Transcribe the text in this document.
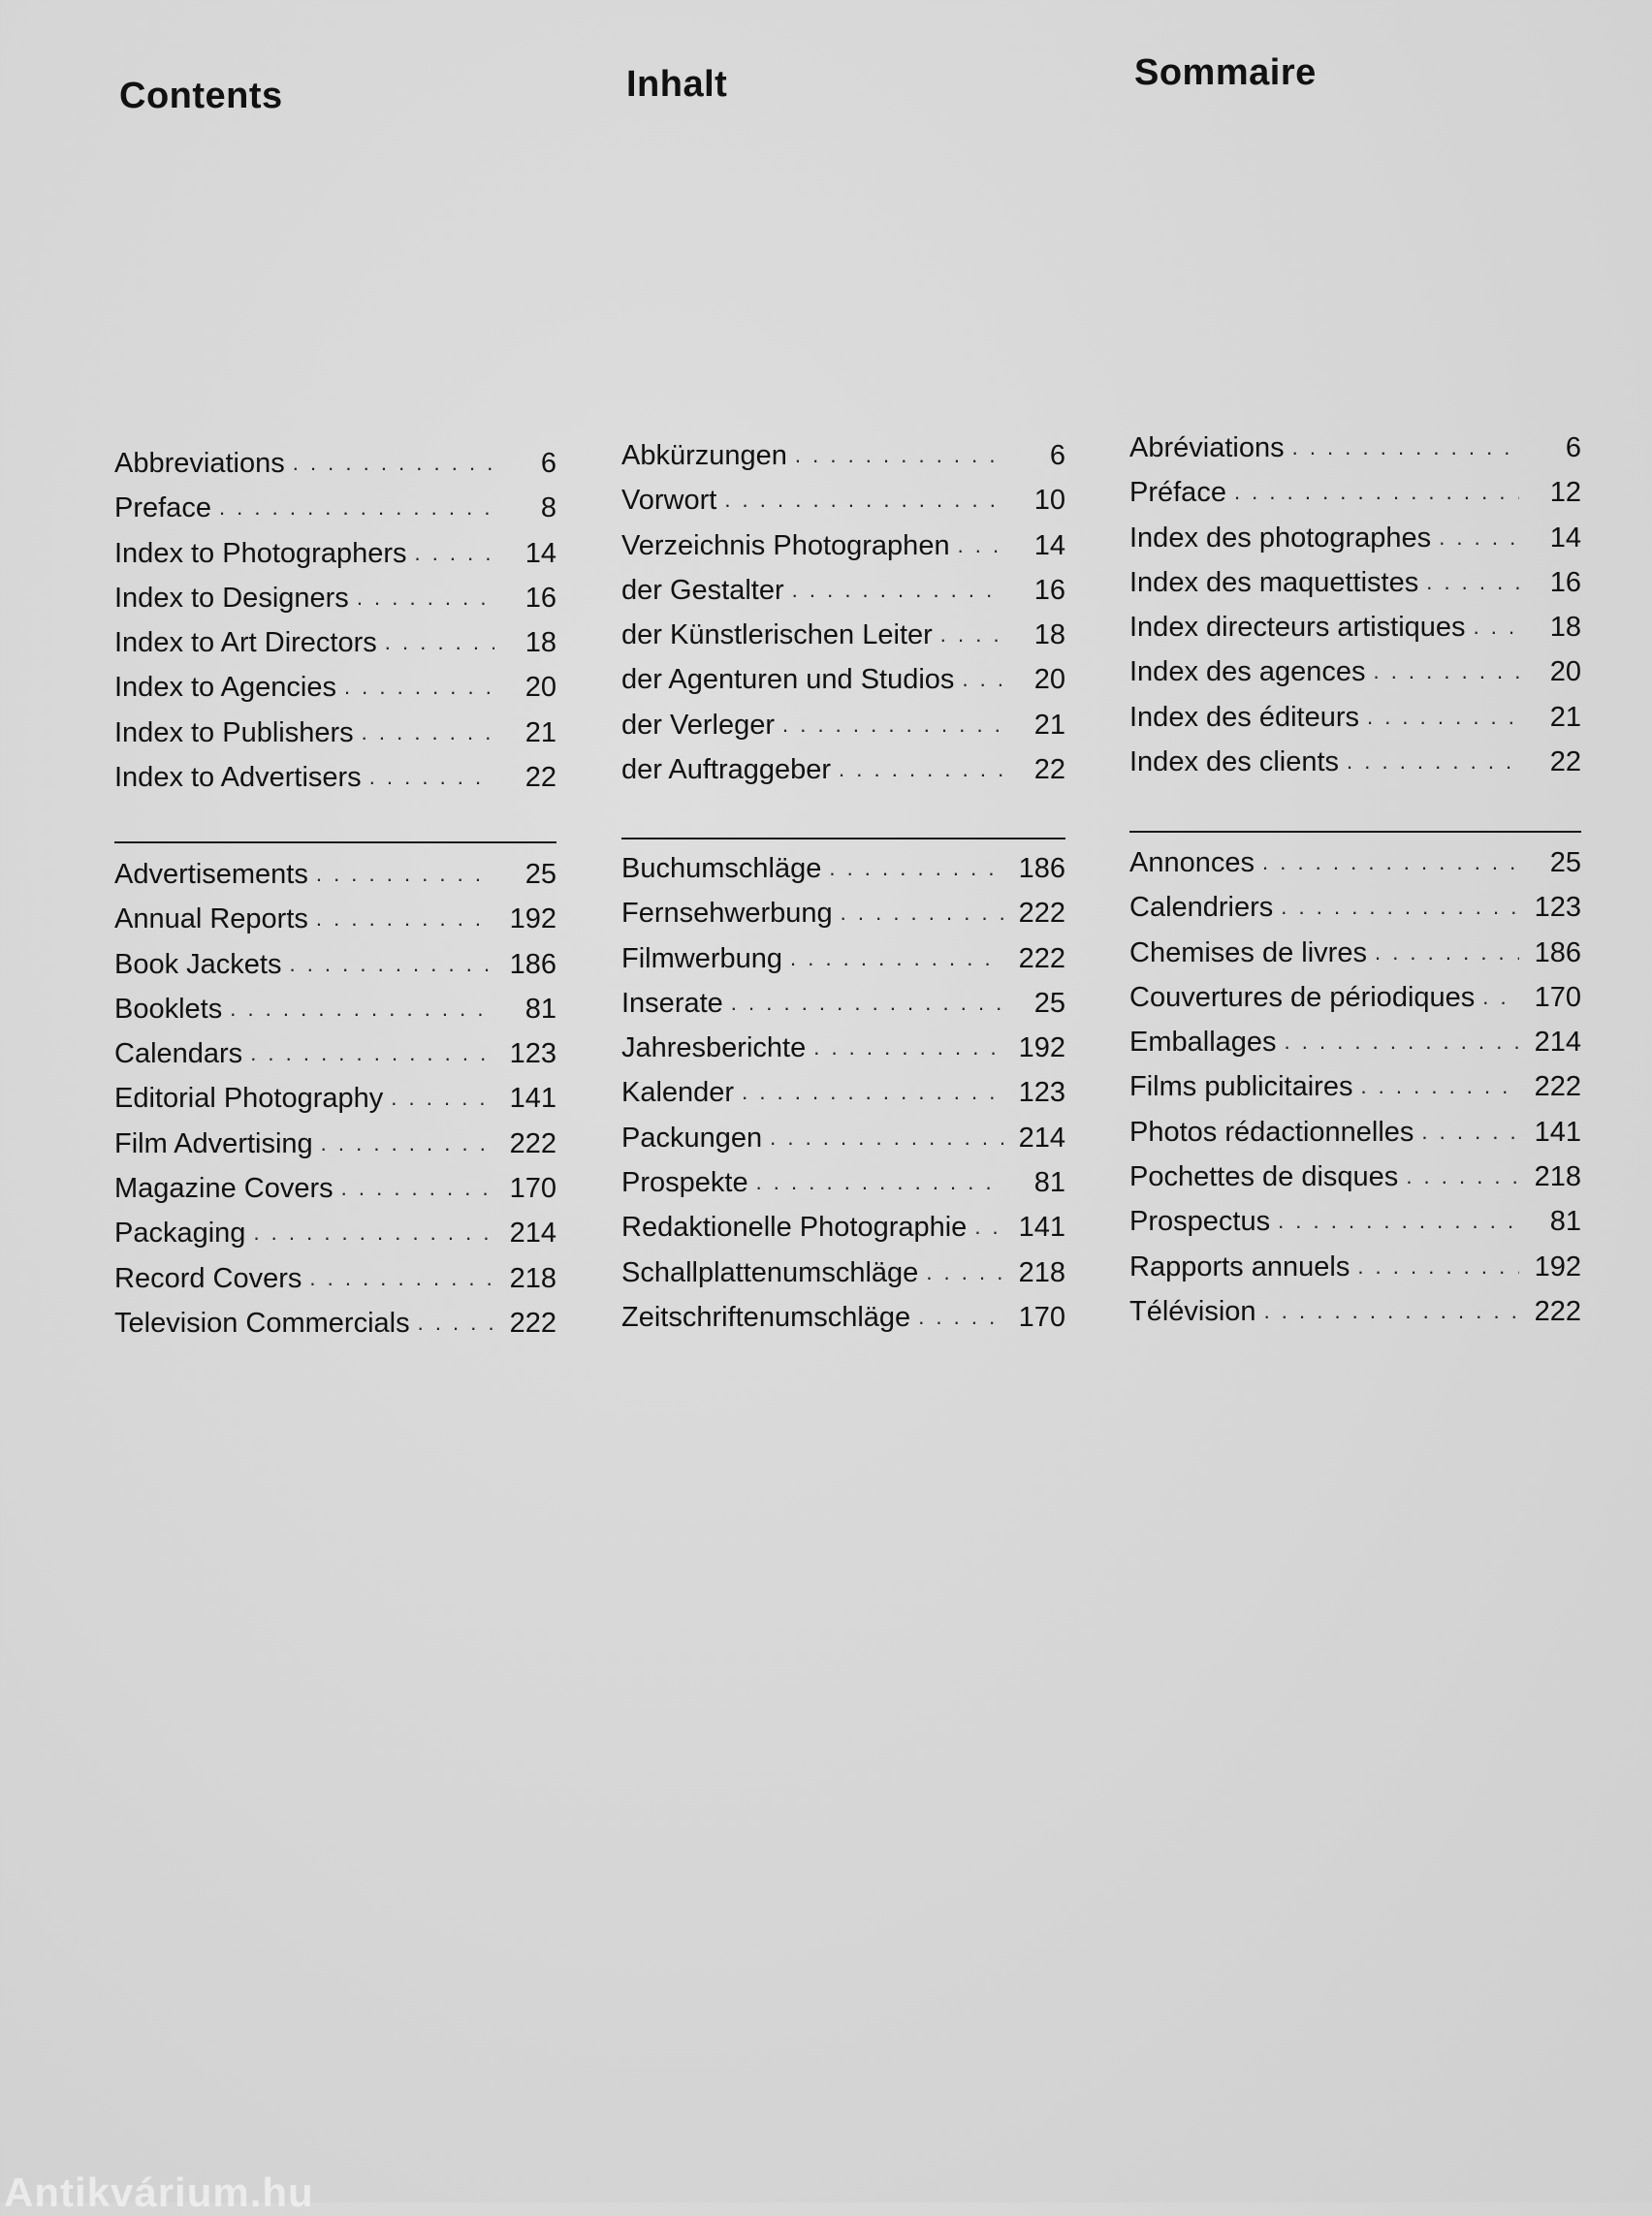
Contents
Abbreviations . . .	6
Preface . . .	8
Index to Photographers . . .	14
Index to Designers . . .	16
Index to Art Directors . . .	18
Index to Agencies . . .	20
Index to Publishers . . .	21
Index to Advertisers . . .	22
Advertisements . . .	25
Annual Reports . . .	192
Book Jackets . . .	186
Booklets . . .	81
Calendars . . .	123
Editorial Photography . . .	141
Film Advertising . . .	222
Magazine Covers . . .	170
Packaging . . .	214
Record Covers . . .	218
Television Commercials . . .	222
Inhalt
Abkürzungen . . .	6
Vorwort . . .	10
Verzeichnis Photographen . . .	14
der Gestalter . . .	16
der Künstlerischen Leiter . . .	18
der Agenturen und Studios . . .	20
der Verleger . . .	21
der Auftraggeber . . .	22
Buchumschläge . . .	186
Fernsehwerbung . . .	222
Filmwerbung . . .	222
Inserate . . .	25
Jahresberichte . . .	192
Kalender . . .	123
Packungen . . .	214
Prospekte . . .	81
Redaktionelle Photographie . . . 141
Schallplattenumschläge . . .	218
Zeitschriftenumschläge . . .	170
Sommaire
Abréviations . . .	6
Préface . . .	12
Index des photographes . . .	14
Index des maquettistes . . .	16
Index directeurs artistiques . . .	18
Index des agences . . .	20
Index des éditeurs . . .	21
Index des clients . . .	22
Annonces . . .	25
Calendriers . . .	123
Chemises de livres . . .	186
Couvertures de périodiques . . . 170
Emballages . . .	214
Films publicitaires . . .	222
Photos rédactionnelles . . .	141
Pochettes de disques . . .	218
Prospectus . . .	81
Rapports annuels . . .	192
Télévision . . .	222
Antikvárium.hu
